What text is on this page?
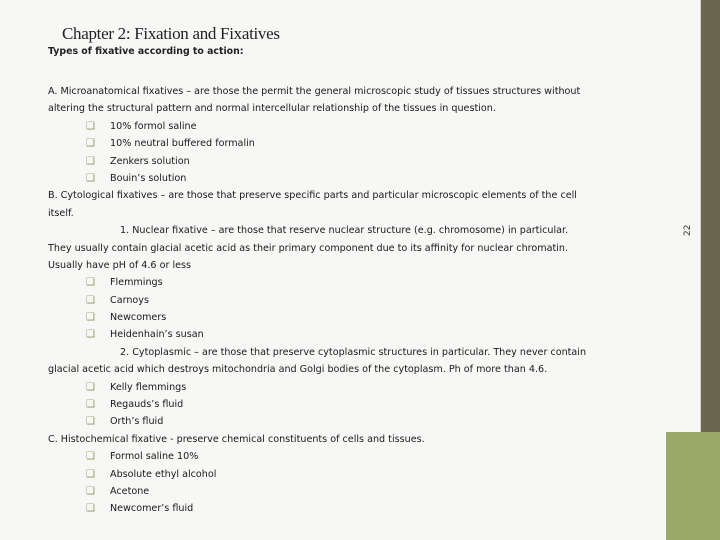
22
Chapter 2: Fixation and Fixatives
Types of fixative according to action:
A. Microanatomical fixatives – are those the permit the general microscopic study of tissues structures without
altering the structural pattern and normal intercellular relationship of the tissues in question.
❑ 10% formol saline
❑ 10% neutral buffered formalin
❑ Zenkers solution
❑ Bouin’s solution
B. Cytological fixatives – are those that preserve specific parts and particular microscopic elements of the cell
itself.
1. Nuclear fixative – are those that reserve nuclear structure (e.g. chromosome) in particular.
They usually contain glacial acetic acid as their primary component due to its affinity for nuclear chromatin.
Usually have pH of 4.6 or less
❑ Flemmings
❑ Carnoys
❑ Newcomers
❑ Heidenhain’s susan
2. Cytoplasmic – are those that preserve cytoplasmic structures in particular. They never contain
glacial acetic acid which destroys mitochondria and Golgi bodies of the cytoplasm. Ph of more than 4.6.
❑ Kelly flemmings
❑ Regauds’s fluid
❑ Orth’s fluid
C. Histochemical fixative - preserve chemical constituents of cells and tissues.
❑ Formol saline 10%
❑ Absolute ethyl alcohol
❑ Acetone
❑ Newcomer’s fluid
